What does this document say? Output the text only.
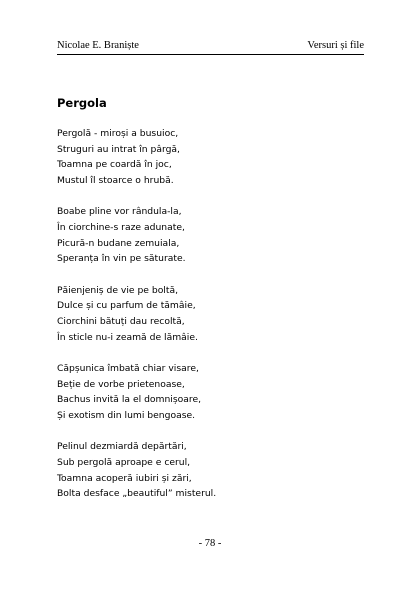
Nicolae E. Braniște	Versuri și file
Pergola
Pergolă - miroși a busuioc,
Struguri au intrat în pârgă,
Toamna pe coardă în joc,
Mustul îl stoarce o hrubă.
Boabe pline vor rândula-la,
În ciorchine-s raze adunate,
Picură-n budane zemuiala,
Speranța în vin pe săturate.
Păienjeniș de vie pe boltă,
Dulce și cu parfum de tămâie,
Ciorchini bătuți dau recoltă,
În sticle nu-i zeamă de lămâie.
Căpșunica îmbată chiar visare,
Beție de vorbe prietenoase,
Bachus invită la el domnișoare,
Și exotism din lumi bengoase.
Pelinul dezmiardă depărtări,
Sub pergolă aproape e cerul,
Toamna acoperă iubiri și zări,
Bolta desface „beautiful” misterul.
- 78 -
